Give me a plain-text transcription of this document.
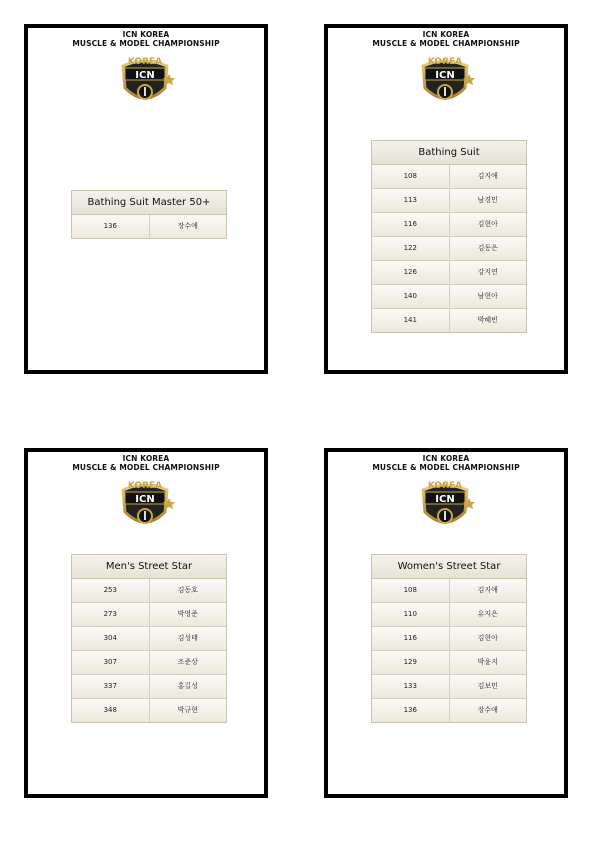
ICN KOREA
MUSCLE & MODEL CHAMPIONSHIP
KOREA
ICN
Bathing Suit Master 50+
136	장수애
ICN KOREA
MUSCLE & MODEL CHAMPIONSHIP
KOREA
ICN
Bathing Suit
108	김지애
113	남경민
116	김현아
122	김동은
126	강지연
140	남현아
141	박혜빈
ICN KOREA
MUSCLE & MODEL CHAMPIONSHIP
KOREA
ICN
Men's Street Star
253	김동호
273	박영준
304	김성태
307	조준상
337	홍길성
348	박규현
ICN KOREA
MUSCLE & MODEL CHAMPIONSHIP
KOREA
ICN
Women's Street Star
108	김지애
110	유지은
116	김현아
129	박윤지
133	김보민
136	장수애
